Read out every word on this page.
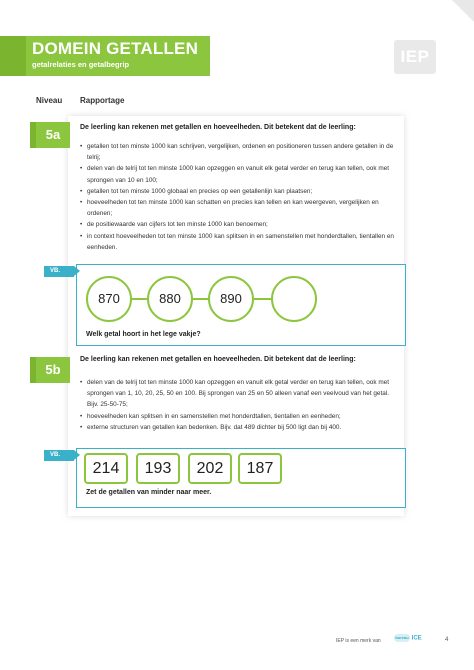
DOMEIN GETALLEN
getalrelaties en getalbegrip	IEP
Niveau Rapportage
5a	De leerling kan rekenen met getallen en hoeveelheden. Dit betekent dat de leerling:
• getallen tot ten minste 1000 kan schrijven, vergelijken, ordenen en positioneren tussen andere getallen in de telrij;
• delen van de telrij tot ten minste 1000 kan opzeggen en vanuit elk getal verder en terug kan tellen, ook met sprongen van 10 en 100;
• getallen tot ten minste 1000 globaal en precies op een getallenlijn kan plaatsen;
• hoeveelheden tot ten minste 1000 kan schatten en precies kan tellen en kan weergeven, vergelijken en ordenen;
• de positiewaarde van cijfers tot ten minste 1000 kan benoemen;
• in context hoeveelheden tot ten minste 1000 kan splitsen in en samenstellen met honderdtallen, tientallen en eenheden.
VB.
870	880	890
Welk getal hoort in het lege vakje?
5b
De leerling kan rekenen met getallen en hoeveelheden. Dit betekent dat de leerling:
• delen van de telrij tot ten minste 1000 kan opzeggen en vanuit elk getal verder en terug kan tellen, ook met sprongen van 1, 10, 20, 25, 50 en 100. Bij sprongen van 25 en 50 alleen vanaf een veelvoud van het getal. Bijv. 25-50-75;
• hoeveelheden kan splitsen in en samenstellen met honderdtallen, tientallen en eenheden;
• externe structuren van getallen kan bedenken. Bijv. dat 489 dichter bij 500 ligt dan bij 400.
VB.
214	193	202	187
Zet de getallen van minder naar meer.
IEP is een merk van
bureau ICE	4
